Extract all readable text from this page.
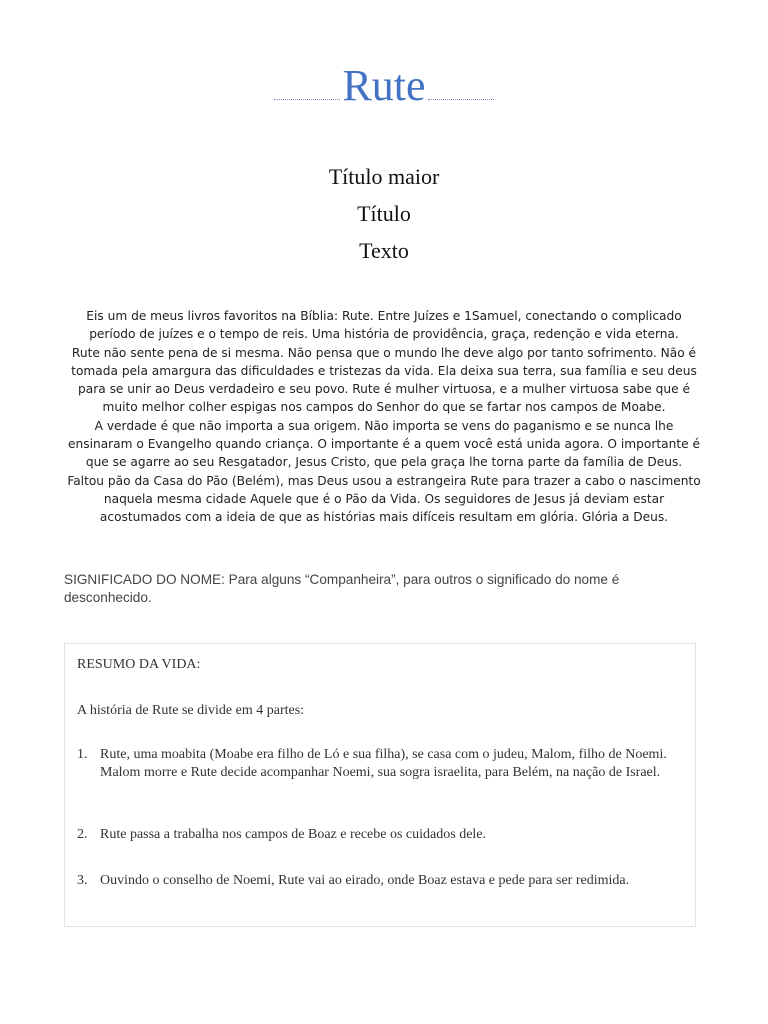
Rute
Título maior
Título
Texto

Eis um de meus livros favoritos na Bíblia: Rute. Entre Juízes e 1Samuel, conectando o complicado período de juízes e o tempo de reis. Uma história de providência, graça, redenção e vida eterna.

Rute não sente pena de si mesma. Não pensa que o mundo lhe deve algo por tanto sofrimento. Não é tomada pela amargura das dificuldades e tristezas da vida. Ela deixa sua terra, sua família e seu deus para se unir ao Deus verdadeiro e seu povo. Rute é mulher virtuosa, e a mulher virtuosa sabe que é muito melhor colher espigas nos campos do Senhor do que se fartar nos campos de Moabe.

A verdade é que não importa a sua origem. Não importa se vens do paganismo e se nunca lhe ensinaram o Evangelho quando criança. O importante é a quem você está unida agora. O importante é que se agarre ao seu Resgatador, Jesus Cristo, que pela graça lhe torna parte da família de Deus.

Faltou pão da Casa do Pão (Belém), mas Deus usou a estrangeira Rute para trazer a cabo o nascimento naquela mesma cidade Aquele que é o Pão da Vida. Os seguidores de Jesus já deviam estar acostumados com a ideia de que as histórias mais difíceis resultam em glória. Glória a Deus.

SIGNIFICADO DO NOME: Para alguns “Companheira”, para outros o significado do nome é desconhecido.
RESUMO DA VIDA:
A história de Rute se divide em 4 partes:
1. Rute, uma moabita (Moabe era filho de Ló e sua filha), se casa com o judeu, Malom, filho de Noemi. Malom morre e Rute decide acompanhar Noemi, sua sogra israelita, para Belém, na nação de Israel.
2. Rute passa a trabalha nos campos de Boaz e recebe os cuidados dele.
3. Ouvindo o conselho de Noemi, Rute vai ao eirado, onde Boaz estava e pede para ser redimida.
